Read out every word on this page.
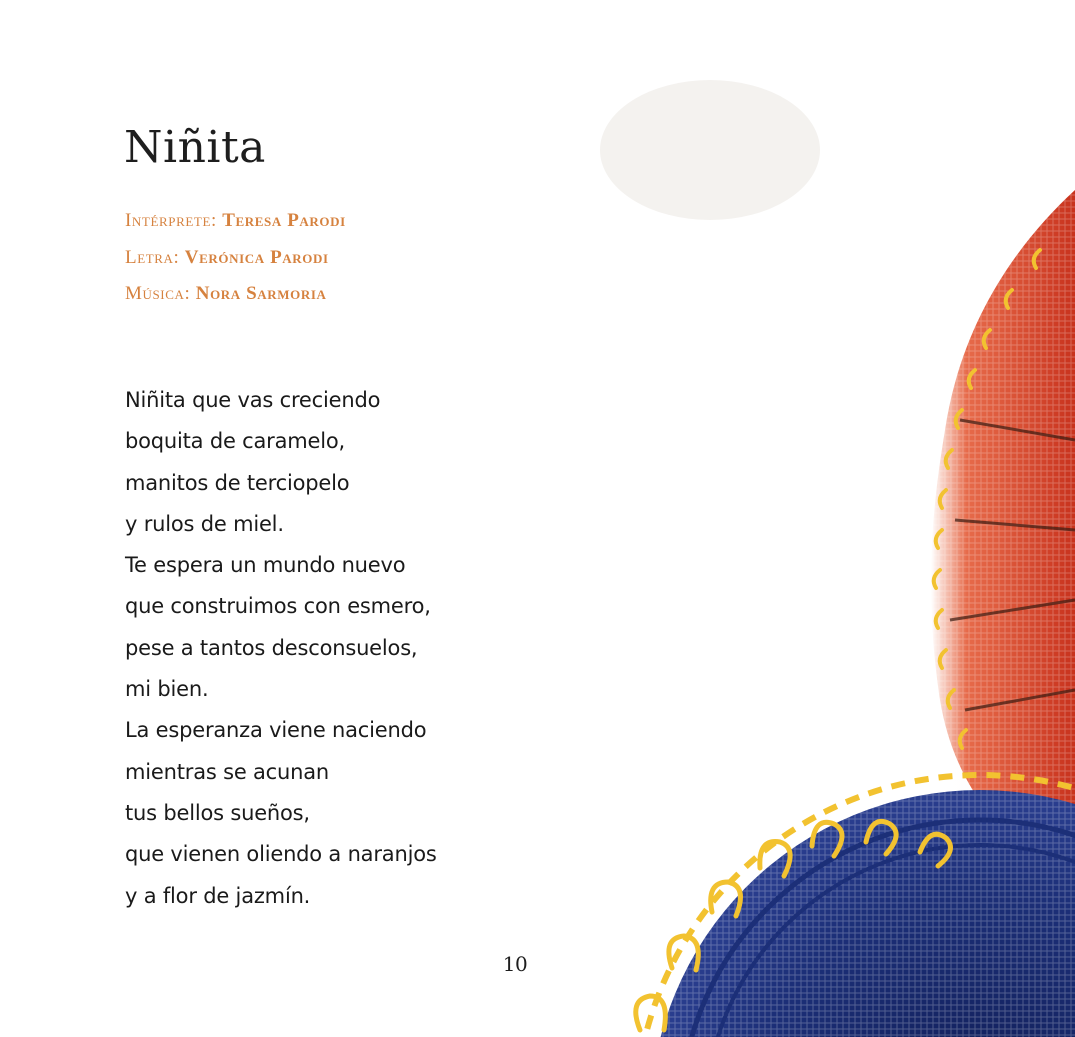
Niñita
Intérprete: Teresa Parodi
Letra: Verónica Parodi
Música: Nora Sarmoria
Niñita que vas creciendo
boquita de caramelo,
manitos de terciopelo
y rulos de miel.
Te espera un mundo nuevo
que construimos con esmero,
pese a tantos desconsuelos,
mi bien.
La esperanza viene naciendo
mientras se acunan
tus bellos sueños,
que vienen oliendo a naranjos
y a flor de jazmín.
10
